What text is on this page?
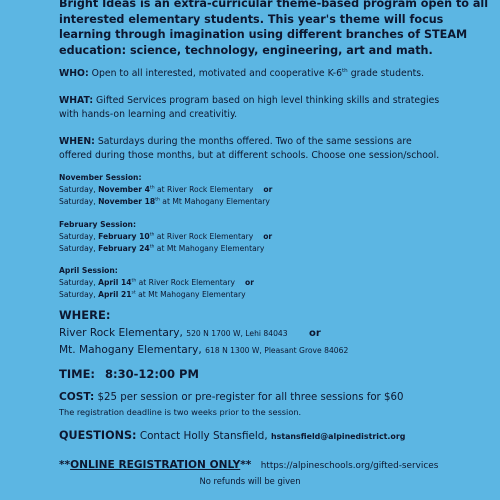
Bright Ideas is an extra-curricular theme-based program open to all
interested elementary students. This year's theme will focus
learning through imagination using different branches of STEAM
education: science, technology, engineering, art and math.

WHO: Open to all interested, motivated and cooperative K-6th grade students.

WHAT: Gifted Services program based on high level thinking skills and strategies
with hands-on learning and creativitiy.
WHEN: Saturdays during the months offered. Two of the same sessions are
offered during those months, but at different schools. Choose one session/school.
November Session:
Saturday, November 4th at River Rock Elementary or
Saturday, November 18th at Mt Mahogany Elementary
February Session:
Saturday, February 10th at River Rock Elementary or
Saturday, February 24th at Mt Mahogany Elementary
April Session:
Saturday, April 14th at River Rock Elementary or
Saturday, April 21st at Mt Mahogany Elementary

WHERE:

River Rock Elementary, 520 N 1700 W, Lehi 84043 or

Mt. Mahogany Elementary, 618 N 1300 W, Pleasant Grove 84062

TIME: 8:30-12:00 PM

COST: $25 per session or pre-register for all three sessions for $60

The registration deadline is two weeks prior to the session.

QUESTIONS: Contact Holly Stansfield, hstansfield@alpinedistrict.org

**ONLINE REGISTRATION ONLY** https://alpineschools.org/gifted-services

No refunds will be given
